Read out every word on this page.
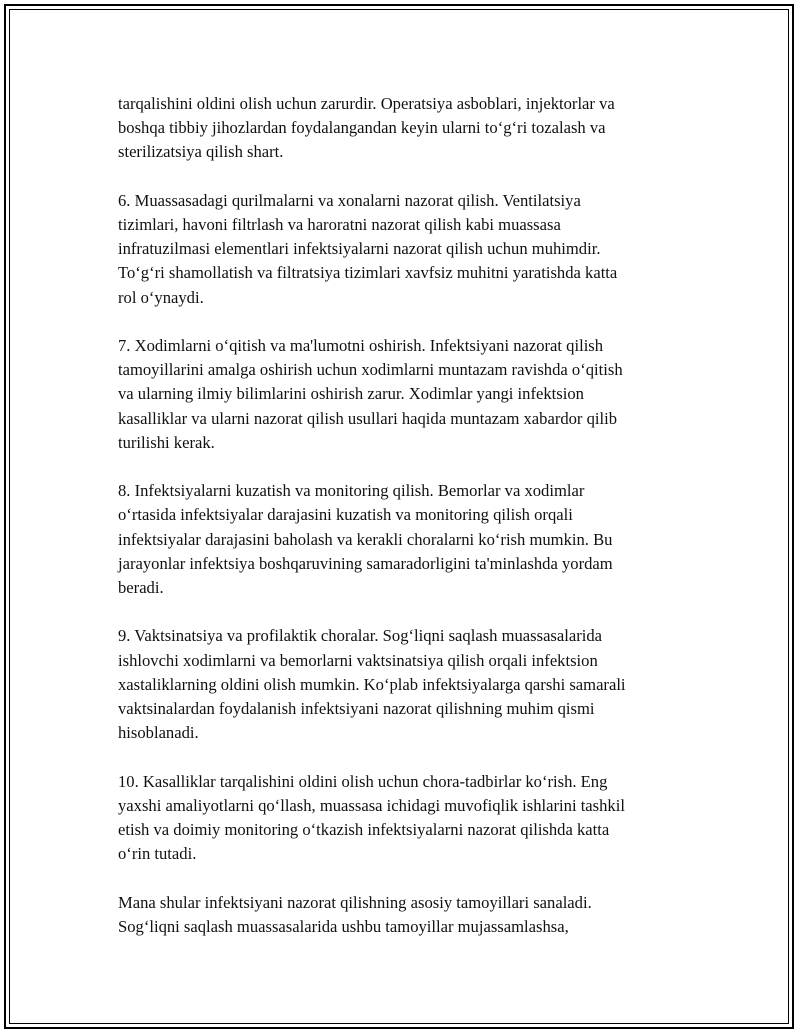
tarqalishini oldini olish uchun zarurdir. Operatsiya asboblari, injektorlar va
boshqa tibbiy jihozlardan foydalangandan keyin ularni to‘g‘ri tozalash va
sterilizatsiya qilish shart.

6. Muassasadagi qurilmalarni va xonalarni nazorat qilish. Ventilatsiya
tizimlari, havoni filtrlash va haroratni nazorat qilish kabi muassasa
infratuzilmasi elementlari infektsiyalarni nazorat qilish uchun muhimdir.
To‘g‘ri shamollatish va filtratsiya tizimlari xavfsiz muhitni yaratishda katta
rol o‘ynaydi.

7. Xodimlarni o‘qitish va ma'lumotni oshirish. Infektsiyani nazorat qilish
tamoyillarini amalga oshirish uchun xodimlarni muntazam ravishda o‘qitish
va ularning ilmiy bilimlarini oshirish zarur. Xodimlar yangi infektsion
kasalliklar va ularni nazorat qilish usullari haqida muntazam xabardor qilib
turilishi kerak.

8. Infektsiyalarni kuzatish va monitoring qilish. Bemorlar va xodimlar
o‘rtasida infektsiyalar darajasini kuzatish va monitoring qilish orqali
infektsiyalar darajasini baholash va kerakli choralarni ko‘rish mumkin. Bu
jarayonlar infektsiya boshqaruvining samaradorligini ta'minlashda yordam
beradi.

9. Vaktsinatsiya va profilaktik choralar. Sog‘liqni saqlash muassasalarida
ishlovchi xodimlarni va bemorlarni vaktsinatsiya qilish orqali infektsion
xastaliklarning oldini olish mumkin. Ko‘plab infektsiyalarga qarshi samarali
vaktsinalardan foydalanish infektsiyani nazorat qilishning muhim qismi
hisoblanadi.

10. Kasalliklar tarqalishini oldini olish uchun chora-tadbirlar ko‘rish. Eng
yaxshi amaliyotlarni qo‘llash, muassasa ichidagi muvofiqlik ishlarini tashkil
etish va doimiy monitoring o‘tkazish infektsiyalarni nazorat qilishda katta
o‘rin tutadi.

Mana shular infektsiyani nazorat qilishning asosiy tamoyillari sanaladi.
Sog‘liqni saqlash muassasalarida ushbu tamoyillar mujassamlashsa,
